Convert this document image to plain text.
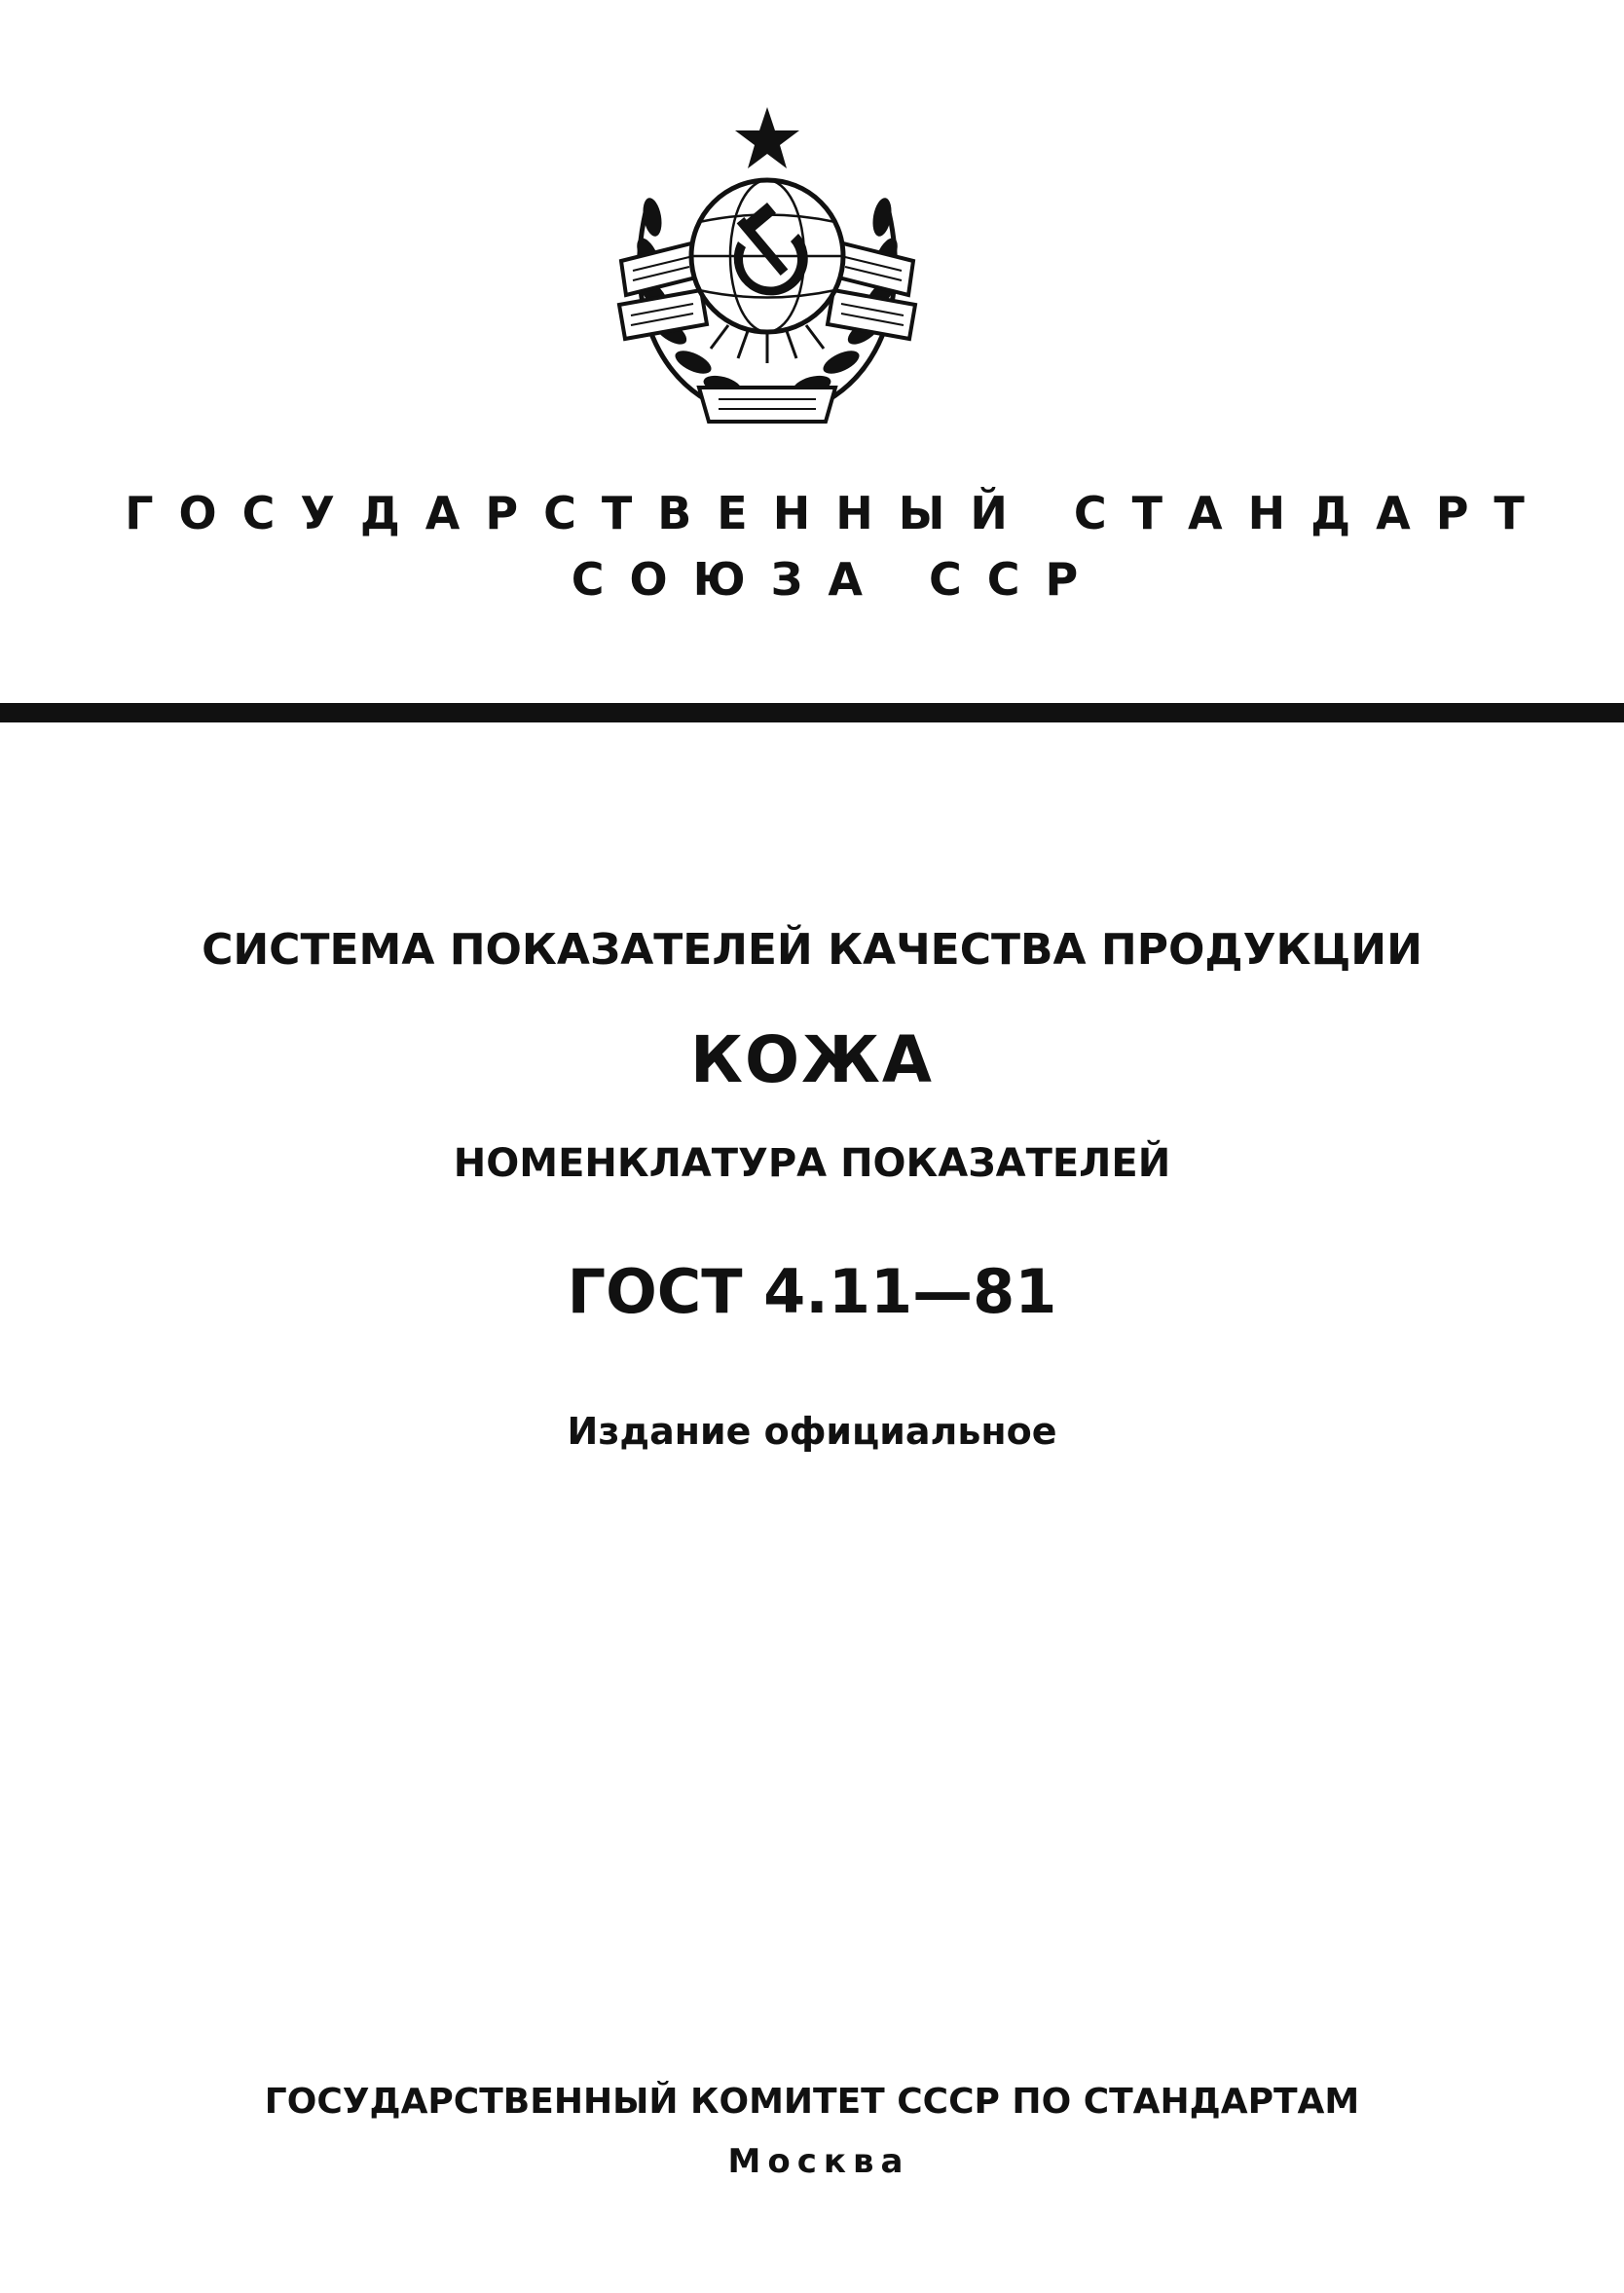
ГОСУДАРСТВЕННЫЙ СТАНДАРТ
СОЮЗА ССР
СИСТЕМА ПОКАЗАТЕЛЕЙ КАЧЕСТВА ПРОДУКЦИИ
КОЖА
НОМЕНКЛАТУРА ПОКАЗАТЕЛЕЙ
ГОСТ 4.11—81
Издание официальное
ГОСУДАРСТВЕННЫЙ КОМИТЕТ СССР ПО СТАНДАРТАМ
Москва
